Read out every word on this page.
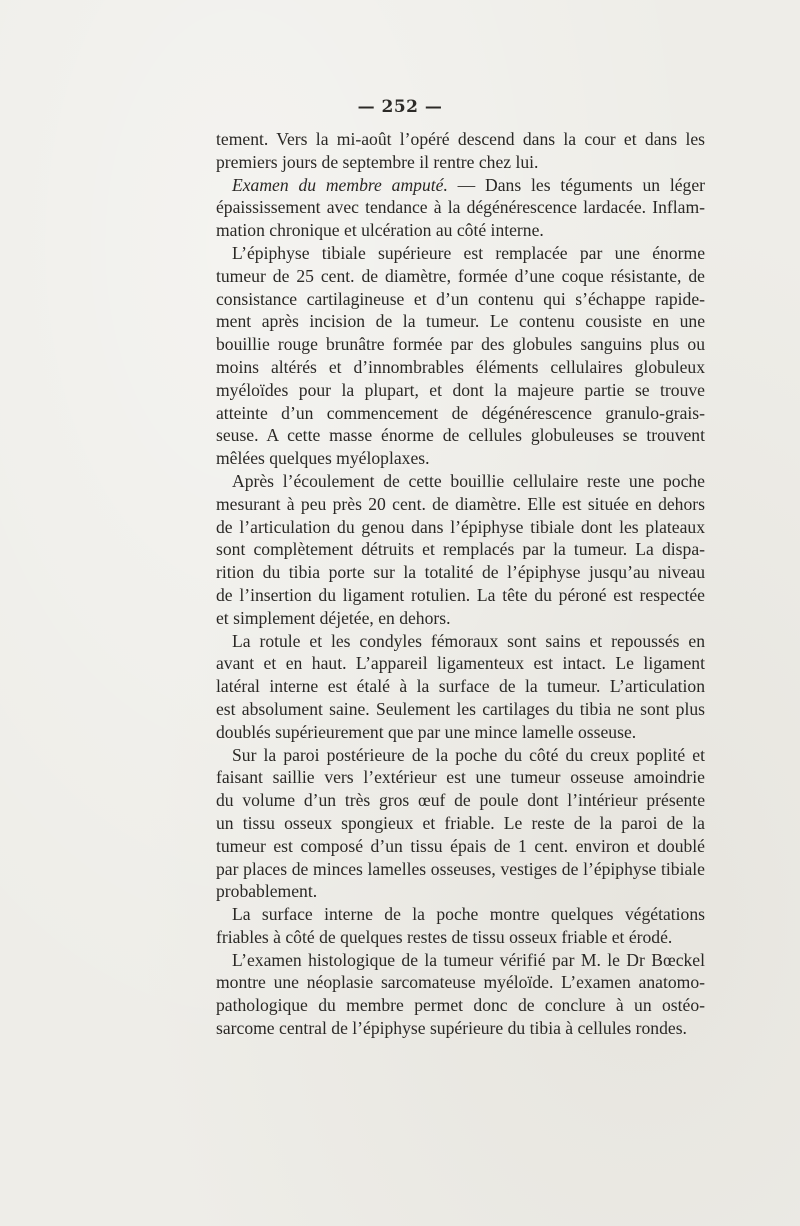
— 252 —
tement. Vers la mi-août l’opéré descend dans la cour et dans les
premiers jours de septembre il rentre chez lui.
Examen du membre amputé. — Dans les téguments un léger
épaississement avec tendance à la dégénérescence lardacée. Inflam-
mation chronique et ulcération au côté interne.
L’épiphyse tibiale supérieure est remplacée par une énorme
tumeur de 25 cent. de diamètre, formée d’une coque résistante, de
consistance cartilagineuse et d’un contenu qui s’échappe rapide-
ment après incision de la tumeur. Le contenu cousiste en une
bouillie rouge brunâtre formée par des globules sanguins plus ou
moins altérés et d’innombrables éléments cellulaires globuleux
myéloïdes pour la plupart, et dont la majeure partie se trouve
atteinte d’un commencement de dégénérescence granulo-grais-
seuse. A cette masse énorme de cellules globuleuses se trouvent
mêlées quelques myéloplaxes.
Après l’écoulement de cette bouillie cellulaire reste une poche
mesurant à peu près 20 cent. de diamètre. Elle est située en dehors
de l’articulation du genou dans l’épiphyse tibiale dont les plateaux
sont complètement détruits et remplacés par la tumeur. La dispa-
rition du tibia porte sur la totalité de l’épiphyse jusqu’au niveau
de l’insertion du ligament rotulien. La tête du péroné est respectée
et simplement déjetée, en dehors.
La rotule et les condyles fémoraux sont sains et repoussés en
avant et en haut. L’appareil ligamenteux est intact. Le ligament
latéral interne est étalé à la surface de la tumeur. L’articulation
est absolument saine. Seulement les cartilages du tibia ne sont plus
doublés supérieurement que par une mince lamelle osseuse.
Sur la paroi postérieure de la poche du côté du creux poplité et
faisant saillie vers l’extérieur est une tumeur osseuse amoindrie
du volume d’un très gros œuf de poule dont l’intérieur présente
un tissu osseux spongieux et friable. Le reste de la paroi de la
tumeur est composé d’un tissu épais de 1 cent. environ et doublé
par places de minces lamelles osseuses, vestiges de l’épiphyse tibiale
probablement.
La surface interne de la poche montre quelques végétations
friables à côté de quelques restes de tissu osseux friable et érodé.
L’examen histologique de la tumeur vérifié par M. le Dr Bœckel
montre une néoplasie sarcomateuse myéloïde. L’examen anatomo-
pathologique du membre permet donc de conclure à un ostéo-
sarcome central de l’épiphyse supérieure du tibia à cellules rondes.
